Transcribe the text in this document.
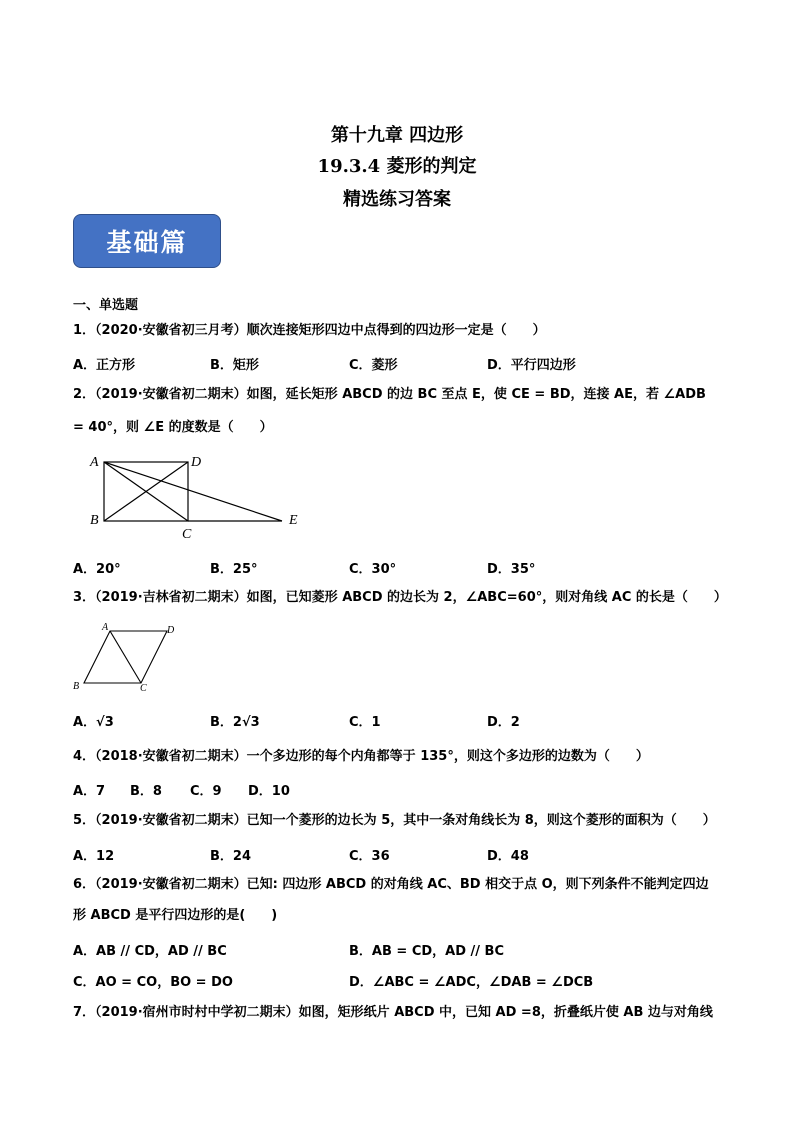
第十九章 四边形
19.3.4 菱形的判定
精选练习答案
基础篇
一、单选题
1．（2020·安徽省初三月考）顺次连接矩形四边中点得到的四边形一定是（　　）
A．正方形	B．矩形	C．菱形	D．平行四边形
2．（2019·安徽省初二期末）如图，延长矩形 ABCD 的边 BC 至点 E，使 CE = BD，连接 AE，若 ∠ADB
= 40°，则 ∠E 的度数是（　　）
A	D
B
C
E
A．20°	B．25°	C．30°	D．35°
3．（2019·吉林省初二期末）如图，已知菱形 ABCD 的边长为 2，∠ABC=60°，则对角线 AC 的长是（　　）
A	D
B	C
A．√3	B．2√3	C．1	D．2
4．（2018·安徽省初二期末）一个多边形的每个内角都等于 135°，则这个多边形的边数为（　　）
A．7 B．8 C．9 D．10
5．（2019·安徽省初二期末）已知一个菱形的边长为 5，其中一条对角线长为 8，则这个菱形的面积为（　　）
A．12	B．24	C．36	D．48
6．（2019·安徽省初二期末）已知: 四边形 ABCD 的对角线 AC、BD 相交于点 O，则下列条件不能判定四边
形 ABCD 是平行四边形的是(　　)
A．AB // CD，AD // BC	B．AB = CD，AD // BC
C．AO = CO，BO = DO	D．∠ABC = ∠ADC，∠DAB = ∠DCB
7．（2019·宿州市时村中学初二期末）如图，矩形纸片 ABCD 中，已知 AD =8，折叠纸片使 AB 边与对角线
